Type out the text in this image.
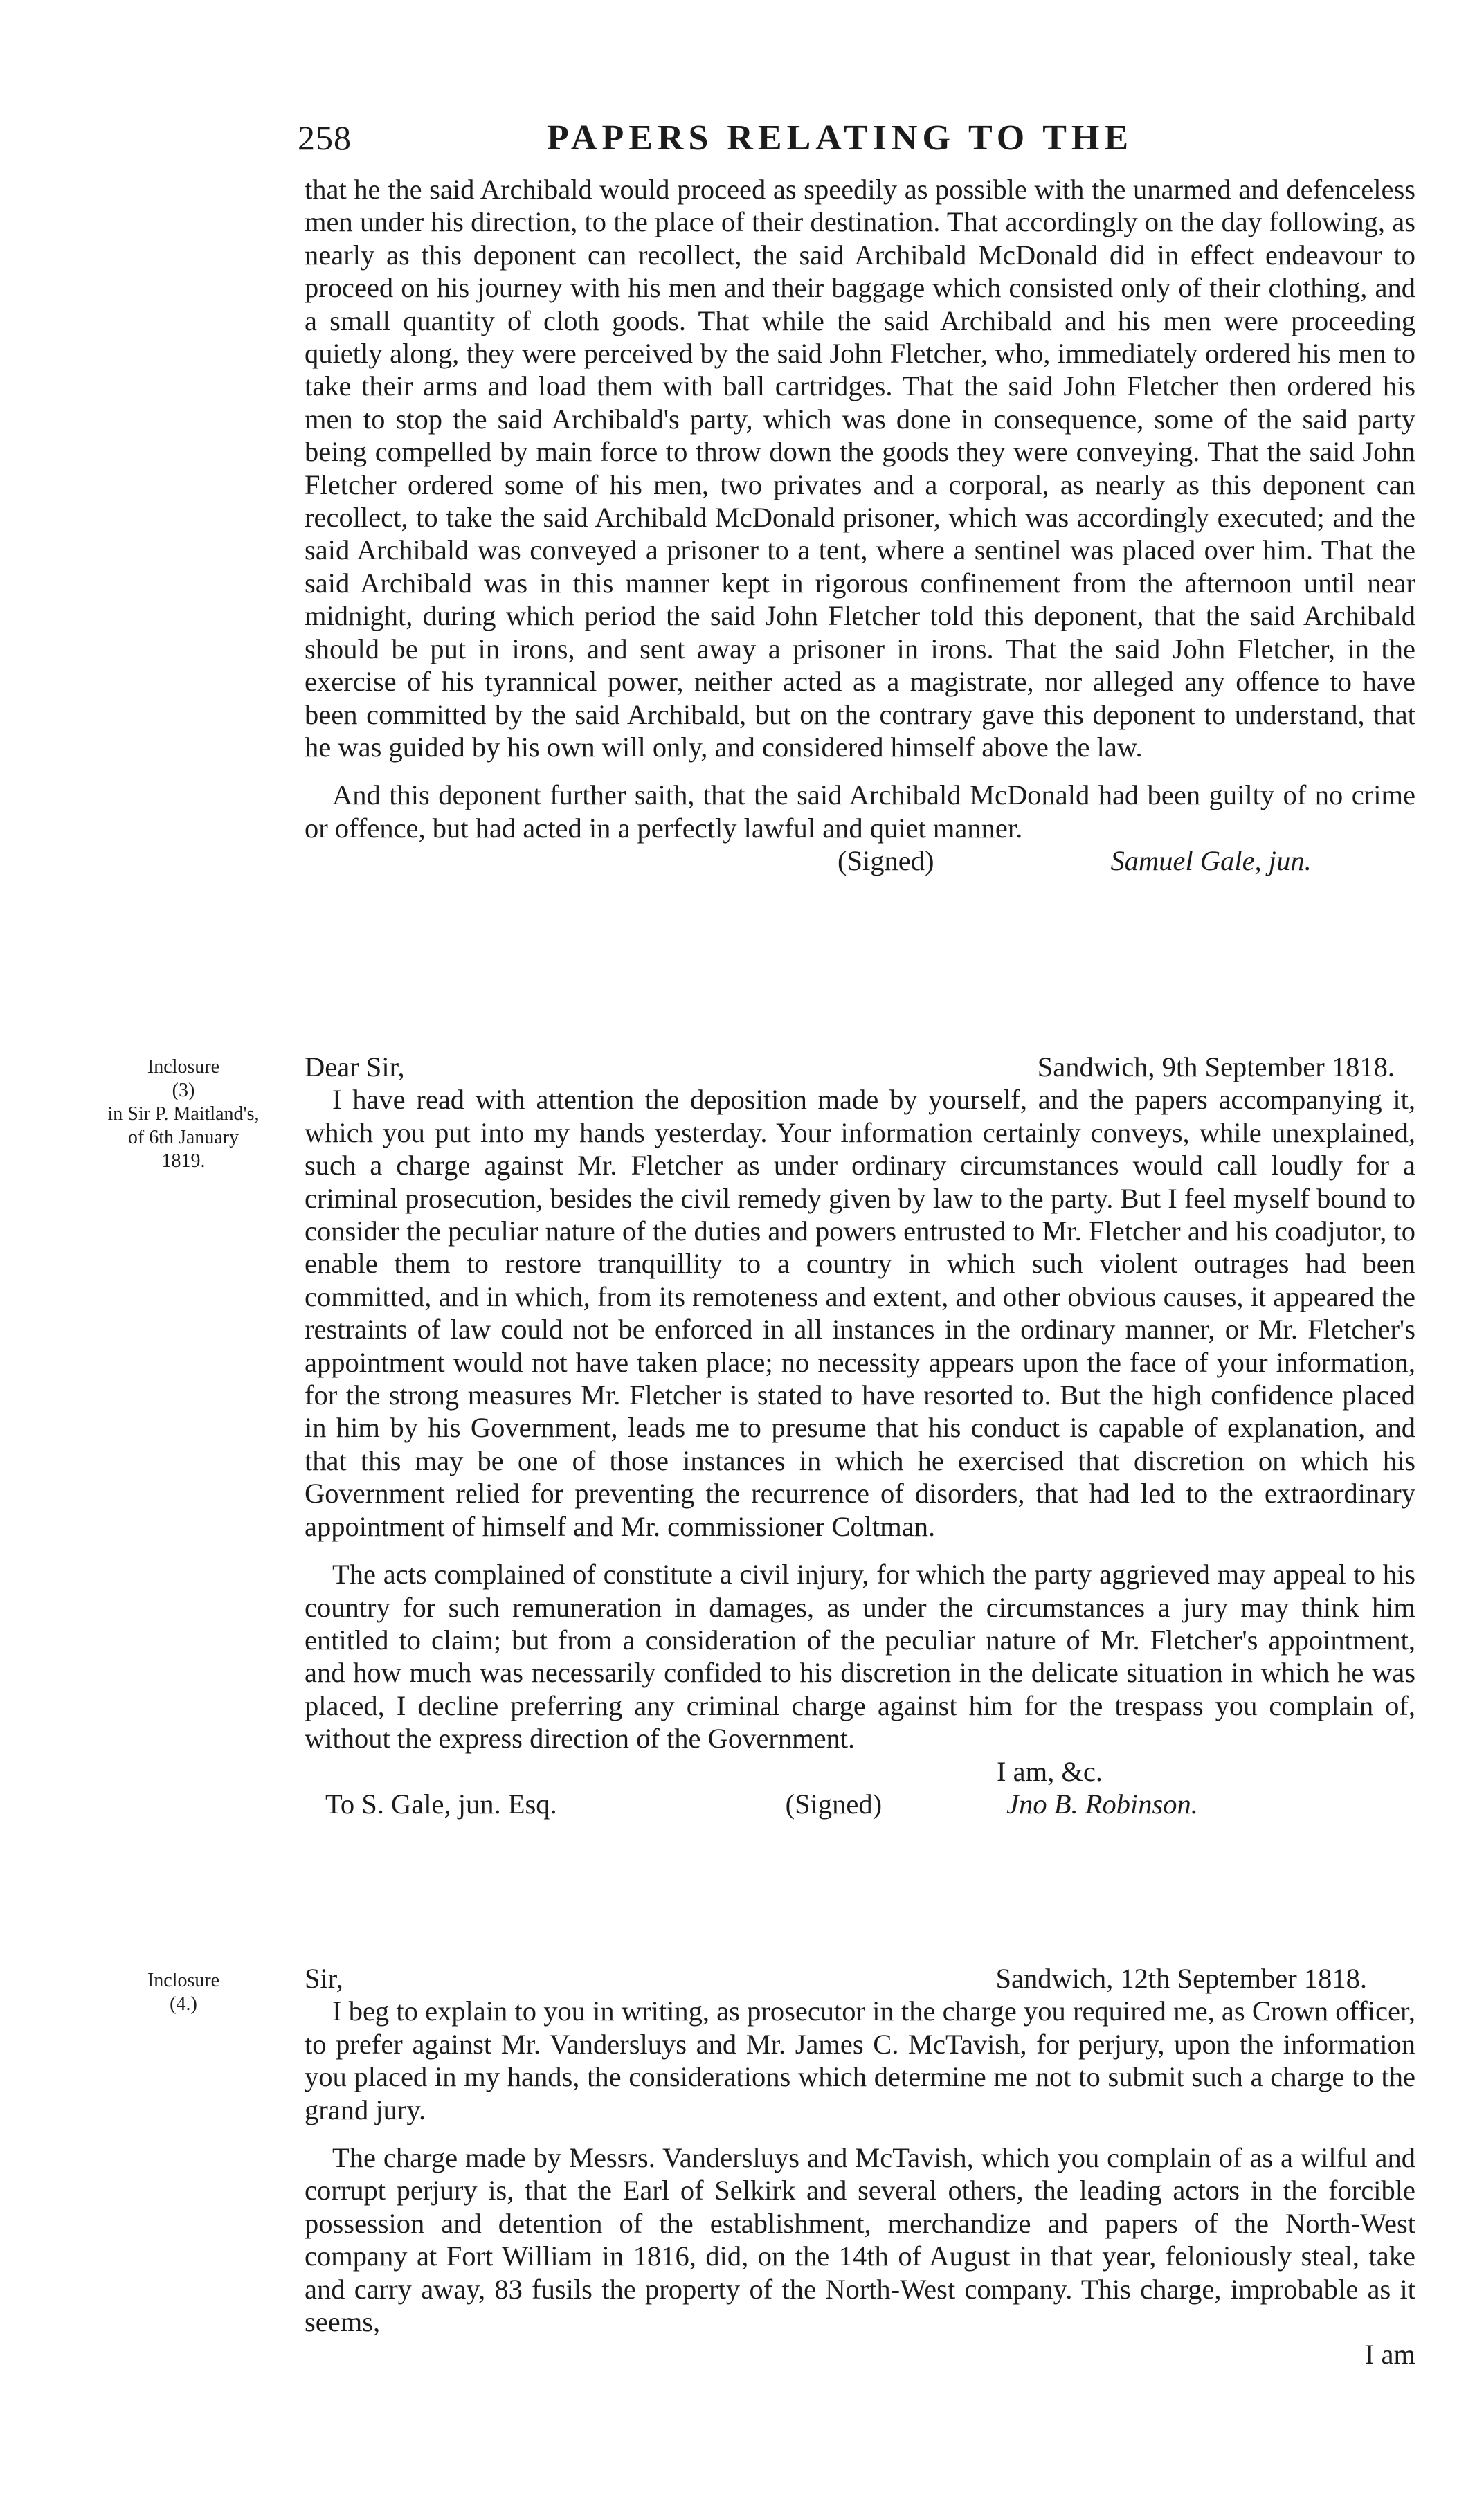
258	PAPERS RELATING TO THE

that he the said Archibald would proceed as speedily as possible with the unarmed and defenceless men under his direction, to the place of their destination. That accordingly on the day following, as nearly as this deponent can recollect, the said Archibald McDonald did in effect endeavour to proceed on his journey with his men and their baggage which consisted only of their clothing, and a small quantity of cloth goods. That while the said Archibald and his men were proceeding quietly along, they were perceived by the said John Fletcher, who, immediately ordered his men to take their arms and load them with ball cartridges. That the said John Fletcher then ordered his men to stop the said Archibald's party, which was done in consequence, some of the said party being compelled by main force to throw down the goods they were conveying. That the said John Fletcher ordered some of his men, two privates and a corporal, as nearly as this deponent can recollect, to take the said Archibald McDonald prisoner, which was accordingly executed; and the said Archibald was conveyed a prisoner to a tent, where a sentinel was placed over him. That the said Archibald was in this manner kept in rigorous confinement from the afternoon until near midnight, during which period the said John Fletcher told this deponent, that the said Archibald should be put in irons, and sent away a prisoner in irons. That the said John Fletcher, in the exercise of his tyrannical power, neither acted as a magistrate, nor alleged any offence to have been committed by the said Archibald, but on the contrary gave this deponent to understand, that he was guided by his own will only, and considered himself above the law.

And this deponent further saith, that the said Archibald McDonald had been guilty of no crime or offence, but had acted in a perfectly lawful and quiet manner.

(Signed)	Samuel Gale, jun.
Inclosure
(3)
in Sir P. Maitland's,
of 6th January
1819.
Dear Sir,	Sandwich, 9th September 1818.

I have read with attention the deposition made by yourself, and the papers accompanying it, which you put into my hands yesterday. Your information certainly conveys, while unexplained, such a charge against Mr. Fletcher as under ordinary circumstances would call loudly for a criminal prosecution, besides the civil remedy given by law to the party. But I feel myself bound to consider the peculiar nature of the duties and powers entrusted to Mr. Fletcher and his coadjutor, to enable them to restore tranquillity to a country in which such violent outrages had been committed, and in which, from its remoteness and extent, and other obvious causes, it appeared the restraints of law could not be enforced in all instances in the ordinary manner, or Mr. Fletcher's appointment would not have taken place; no necessity appears upon the face of your information, for the strong measures Mr. Fletcher is stated to have resorted to. But the high confidence placed in him by his Government, leads me to presume that his conduct is capable of explanation, and that this may be one of those instances in which he exercised that discretion on which his Government relied for preventing the recurrence of disorders, that had led to the extraordinary appointment of himself and Mr. commissioner Coltman.

The acts complained of constitute a civil injury, for which the party aggrieved may appeal to his country for such remuneration in damages, as under the circumstances a jury may think him entitled to claim; but from a consideration of the peculiar nature of Mr. Fletcher's appointment, and how much was necessarily confided to his discretion in the delicate situation in which he was placed, I decline preferring any criminal charge against him for the trespass you complain of, without the express direction of the Government.

I am, &c.
To S. Gale, jun. Esq.	(Signed)	Jno B. Robinson.
Inclosure
(4.)
Sir,	Sandwich, 12th September 1818.

I beg to explain to you in writing, as prosecutor in the charge you required me, as Crown officer, to prefer against Mr. Vandersluys and Mr. James C. McTavish, for perjury, upon the information you placed in my hands, the considerations which determine me not to submit such a charge to the grand jury.

The charge made by Messrs. Vandersluys and McTavish, which you complain of as a wilful and corrupt perjury is, that the Earl of Selkirk and several others, the leading actors in the forcible possession and detention of the establishment, merchandize and papers of the North-West company at Fort William in 1816, did, on the 14th of August in that year, feloniously steal, take and carry away, 83 fusils the property of the North-West company. This charge, improbable as it seems,

I am
